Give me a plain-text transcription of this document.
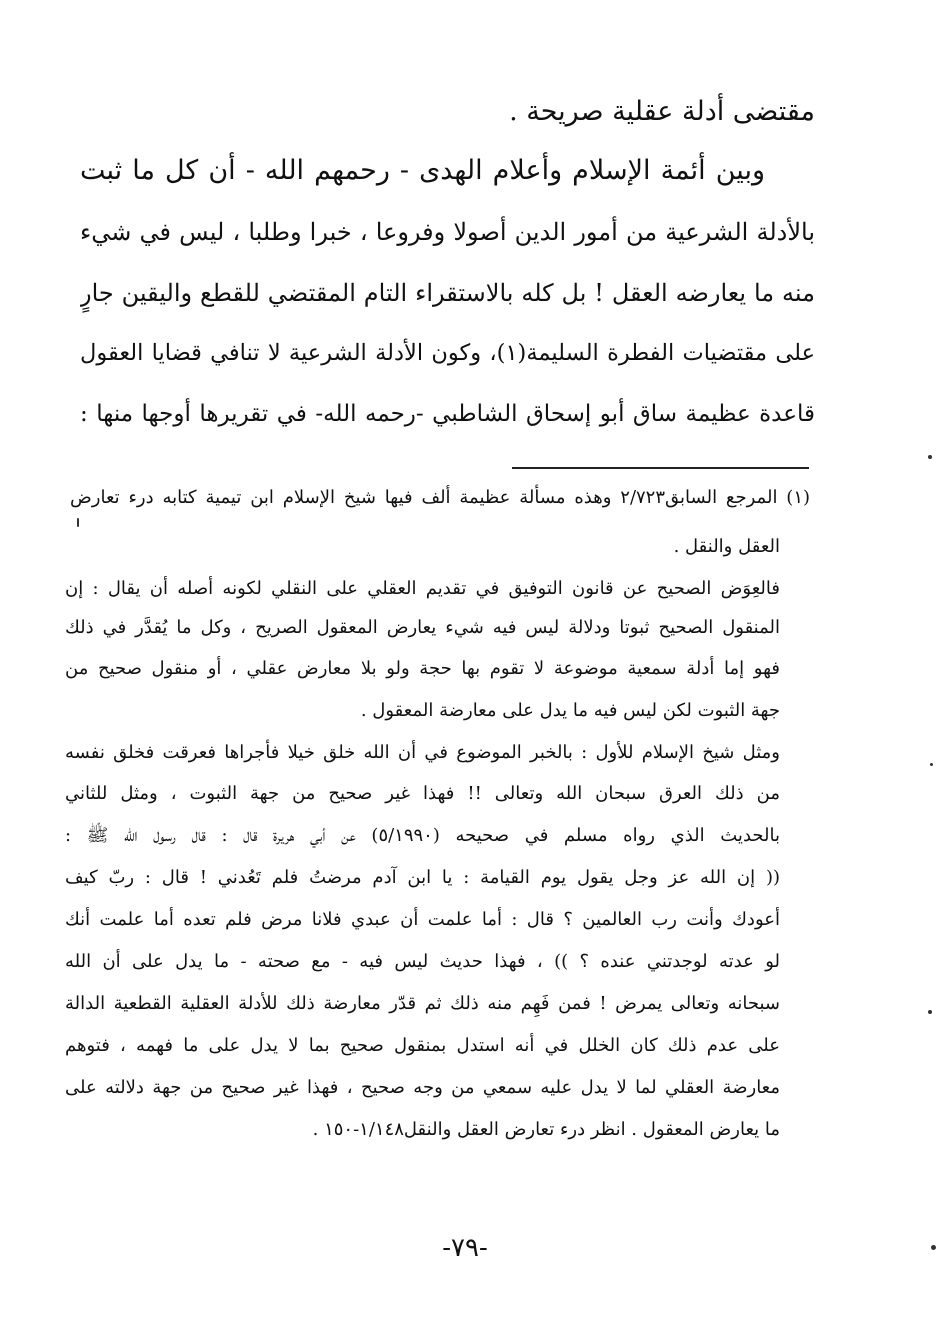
مقتضى أدلة عقلية صريحة .
وبين أئمة الإسلام وأعلام الهدى - رحمهم الله - أن كل ما ثبت
بالأدلة الشرعية من أمور الدين أصولا وفروعا ، خبرا وطلبا ، ليس في شيء
منه ما يعارضه العقل ! بل كله بالاستقراء التام المقتضي للقطع واليقين جارٍ
على مقتضيات الفطرة السليمة(١)، وكون الأدلة الشرعية لا تنافي قضايا العقول
قاعدة عظيمة ساق أبو إسحاق الشاطبي -رحمه الله- في تقريرها أوجها منها :
(١) المرجع السابق٢/٧٢٣ وهذه مسألة عظيمة ألف فيها شيخ الإسلام ابن تيمية كتابه درء تعارض
العقل والنقل .
فالعِوَض الصحيح عن قانون التوفيق في تقديم العقلي على النقلي لكونه أصله أن يقال : إن
المنقول الصحيح ثبوتا ودلالة ليس فيه شيء يعارض المعقول الصريح ، وكل ما يُقدَّر في ذلك
فهو إما أدلة سمعية موضوعة لا تقوم بها حجة ولو بلا معارض عقلي ، أو منقول صحيح من
جهة الثبوت لكن ليس فيه ما يدل على معارضة المعقول .
ومثل شيخ الإسلام للأول : بالخبر الموضوع في أن الله خلق خيلا فأجراها فعرقت فخلق نفسه
من ذلك العرق سبحان الله وتعالى !! فهذا غير صحيح من جهة الثبوت ، ومثل للثاني
بالحديث الذي رواه مسلم في صحيحه (٥/١٩٩٠) عن أبي هريرة قال : قال رسول الله ﷺ :
(( إن الله عز وجل يقول يوم القيامة : يا ابن آدم مرضتُ فلم تَعُدني ! قال : ربّ كيف
أعودك وأنت رب العالمين ؟ قال : أما علمت أن عبدي فلانا مرض فلم تعده أما علمت أنك
لو عدته لوجدتني عنده ؟ )) ، فهذا حديث ليس فيه - مع صحته - ما يدل على أن الله
سبحانه وتعالى يمرض ! فمن فَهِم منه ذلك ثم قدّر معارضة ذلك للأدلة العقلية القطعية الدالة
على عدم ذلك كان الخلل في أنه استدل بمنقول صحيح بما لا يدل على ما فهمه ، فتوهم
معارضة العقلي لما لا يدل عليه سمعي من وجه صحيح ، فهذا غير صحيح من جهة دلالته على
ما يعارض المعقول . انظر درء تعارض العقل والنقل١/١٤٨-١٥٠ .
-٧٩-
